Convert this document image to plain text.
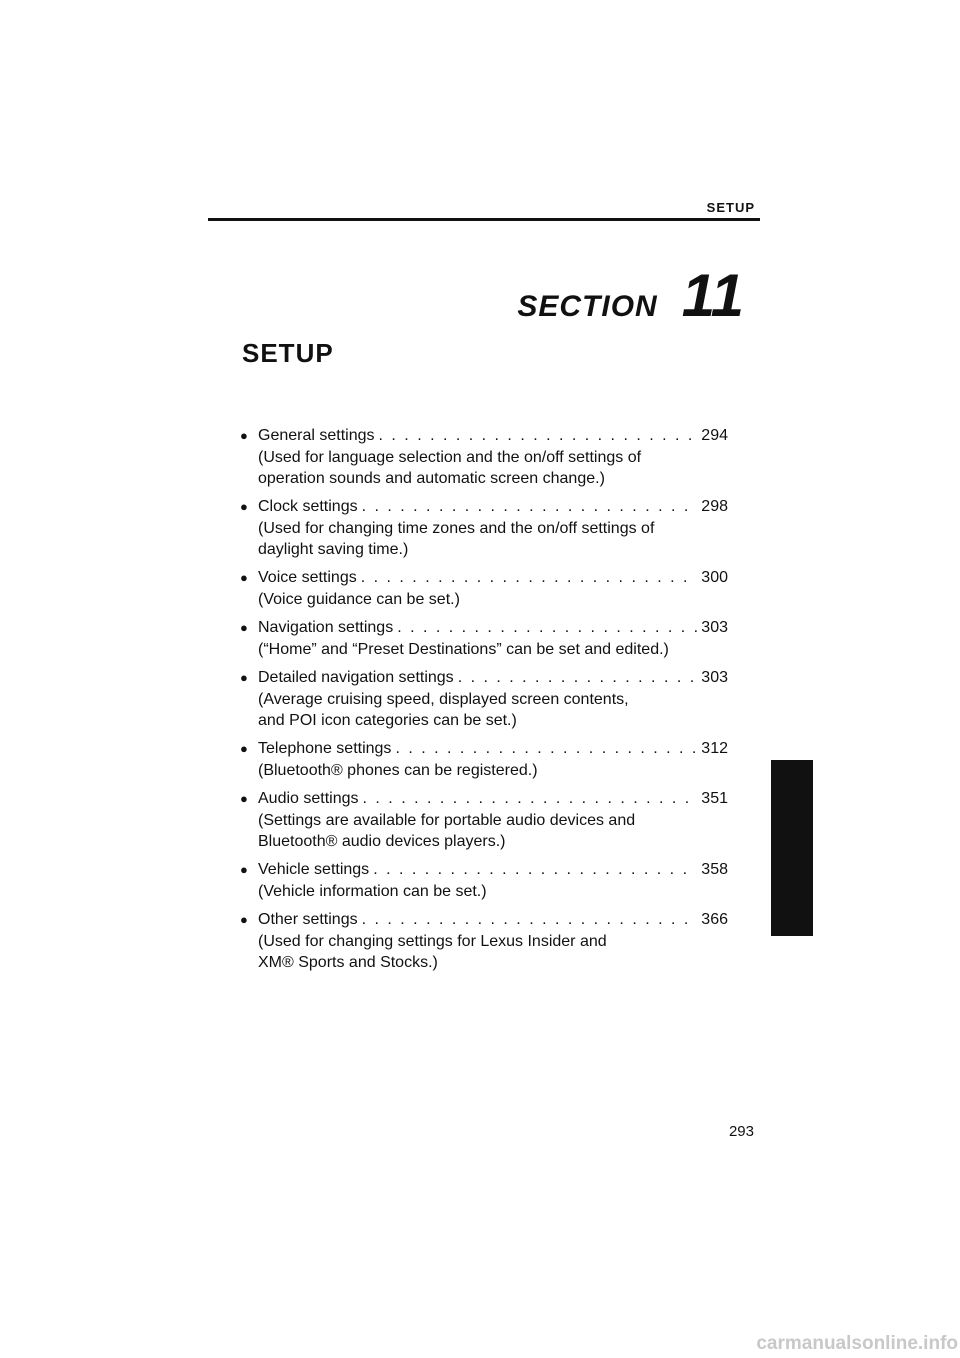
SETUP
SECTION 11
SETUP
● General settings . . .	294
(Used for language selection and the on/off settings of
operation sounds and automatic screen change.)
● Clock settings . . .	298
(Used for changing time zones and the on/off settings of
daylight saving time.)
● Voice settings . . .	300
(Voice guidance can be set.)
● Navigation settings . . .	303
(“Home” and “Preset Destinations” can be set and edited.)
● Detailed navigation settings . . .	303
(Average cruising speed, displayed screen contents,
and POI icon categories can be set.)
● Telephone settings . . .	312
(Bluetooth® phones can be registered.)
● Audio settings . . .	351
(Settings are available for portable audio devices and
Bluetooth® audio devices players.)
● Vehicle settings . . .	358
(Vehicle information can be set.)
● Other settings . . .	366
(Used for changing settings for Lexus Insider and
XM® Sports and Stocks.)
293
carmanualsonline.info
